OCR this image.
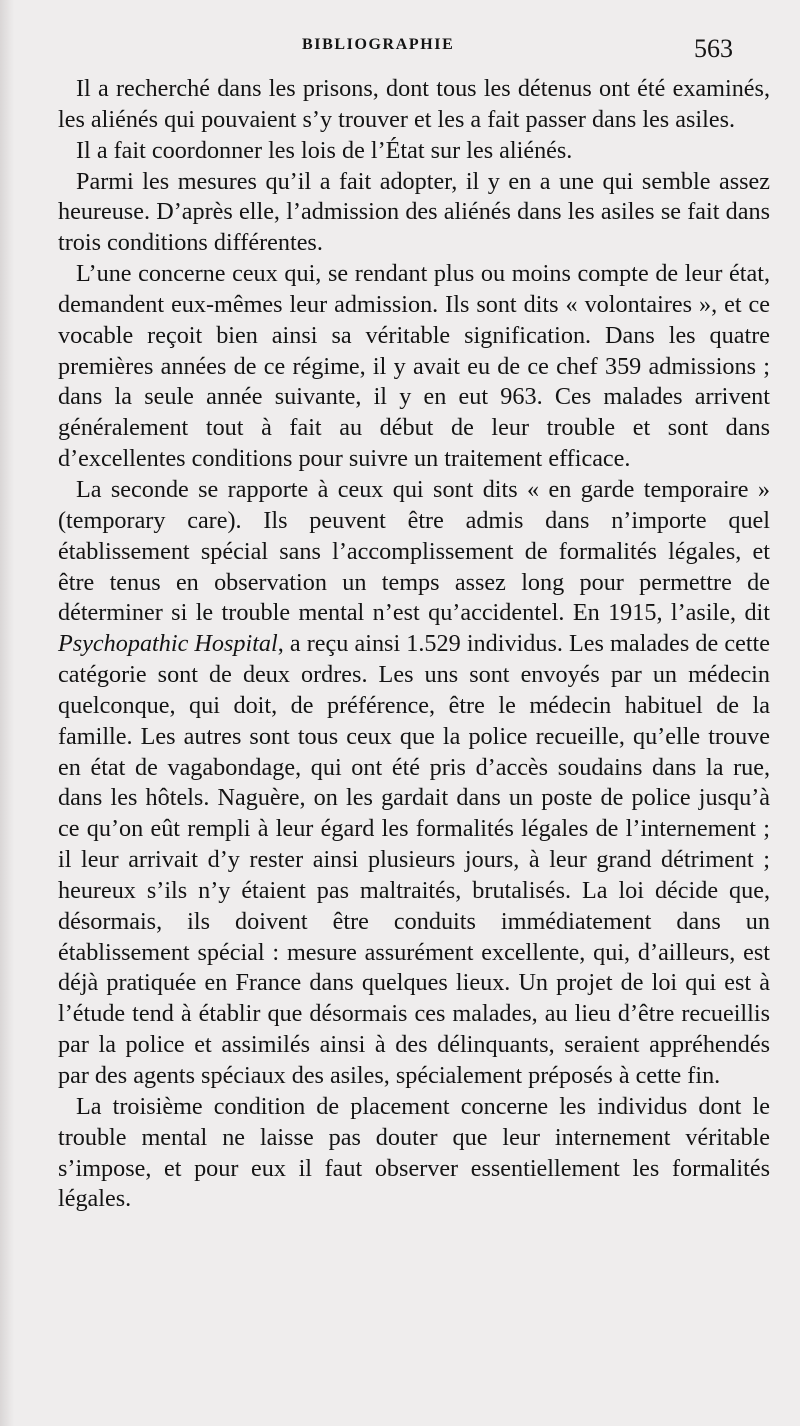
BIBLIOGRAPHIE	563

Il a recherché dans les prisons, dont tous les détenus ont été examinés, les aliénés qui pouvaient s’y trouver et les a fait passer dans les asiles.

Il a fait coordonner les lois de l’État sur les aliénés.

Parmi les mesures qu’il a fait adopter, il y en a une qui semble assez heureuse. D’après elle, l’admission des aliénés dans les asiles se fait dans trois conditions différentes.

L’une concerne ceux qui, se rendant plus ou moins compte de leur état, demandent eux-mêmes leur admission. Ils sont dits « volontaires », et ce vocable reçoit bien ainsi sa véritable signification. Dans les quatre premières années de ce régime, il y avait eu de ce chef 359 admissions ; dans la seule année suivante, il y en eut 963. Ces malades arrivent généralement tout à fait au début de leur trouble et sont dans d’excellentes conditions pour suivre un traitement efficace.

La seconde se rapporte à ceux qui sont dits « en garde temporaire » (temporary care). Ils peuvent être admis dans n’importe quel établissement spécial sans l’accomplissement de formalités légales, et être tenus en observation un temps assez long pour permettre de déterminer si le trouble mental n’est qu’accidentel. En 1915, l’asile, dit Psychopathic Hospital, a reçu ainsi 1.529 individus. Les malades de cette catégorie sont de deux ordres. Les uns sont envoyés par un médecin quelconque, qui doit, de préférence, être le médecin habituel de la famille. Les autres sont tous ceux que la police recueille, qu’elle trouve en état de vagabondage, qui ont été pris d’accès soudains dans la rue, dans les hôtels. Naguère, on les gardait dans un poste de police jusqu’à ce qu’on eût rempli à leur égard les formalités légales de l’internement ; il leur arrivait d’y rester ainsi plusieurs jours, à leur grand détriment ; heureux s’ils n’y étaient pas maltraités, brutalisés. La loi décide que, désormais, ils doivent être conduits immédiatement dans un établissement spécial : mesure assurément excellente, qui, d’ailleurs, est déjà pratiquée en France dans quelques lieux. Un projet de loi qui est à l’étude tend à établir que désormais ces malades, au lieu d’être recueillis par la police et assimilés ainsi à des délinquants, seraient appréhendés par des agents spéciaux des asiles, spécialement préposés à cette fin.

La troisième condition de placement concerne les individus dont le trouble mental ne laisse pas douter que leur internement véritable s’impose, et pour eux il faut observer essentiellement les formalités légales.
